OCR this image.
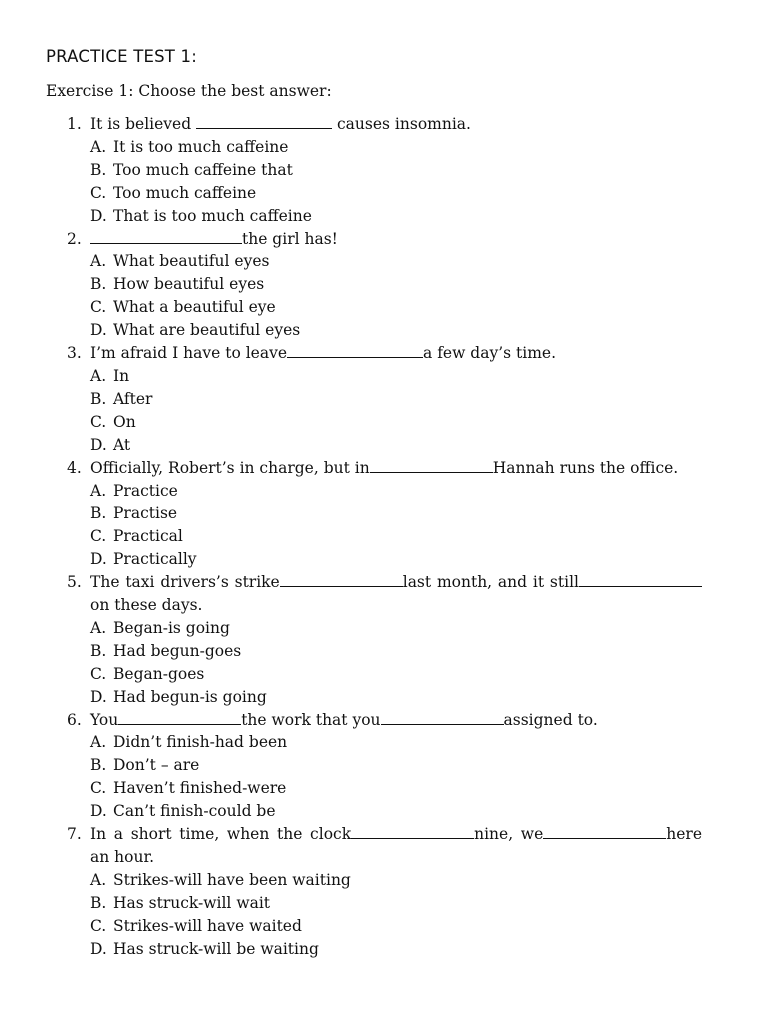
PRACTICE TEST 1:
Exercise 1: Choose the best answer:
1. It is believed	causes insomnia.
A. It is too much caffeine
B. Too much caffeine that
C. Too much caffeine
D. That is too much caffeine
2.	the girl has!
A. What beautiful eyes
B. How beautiful eyes
C. What a beautiful eye
D. What are beautiful eyes
3. I’m afraid I have to leave	a few day’s time.
A. In
B. After
C. On
D. At
4. Officially, Robert’s in charge, but in	Hannah runs the office.
A. Practice
B. Practise
C. Practical
D. Practically
5. The taxi drivers’s strike	last month, and it still on these days.
A. Began-is going
B. Had begun-goes
C. Began-goes
D. Had begun-is going
6. You	the work that you	assigned to.
A. Didn’t finish-had been
B. Don’t – are
C. Haven’t finished-were
D. Can’t finish-could be
7. In a short time, when the clock	nine, we	here an hour.
A. Strikes-will have been waiting
B. Has struck-will wait
C. Strikes-will have waited
D. Has struck-will be waiting
